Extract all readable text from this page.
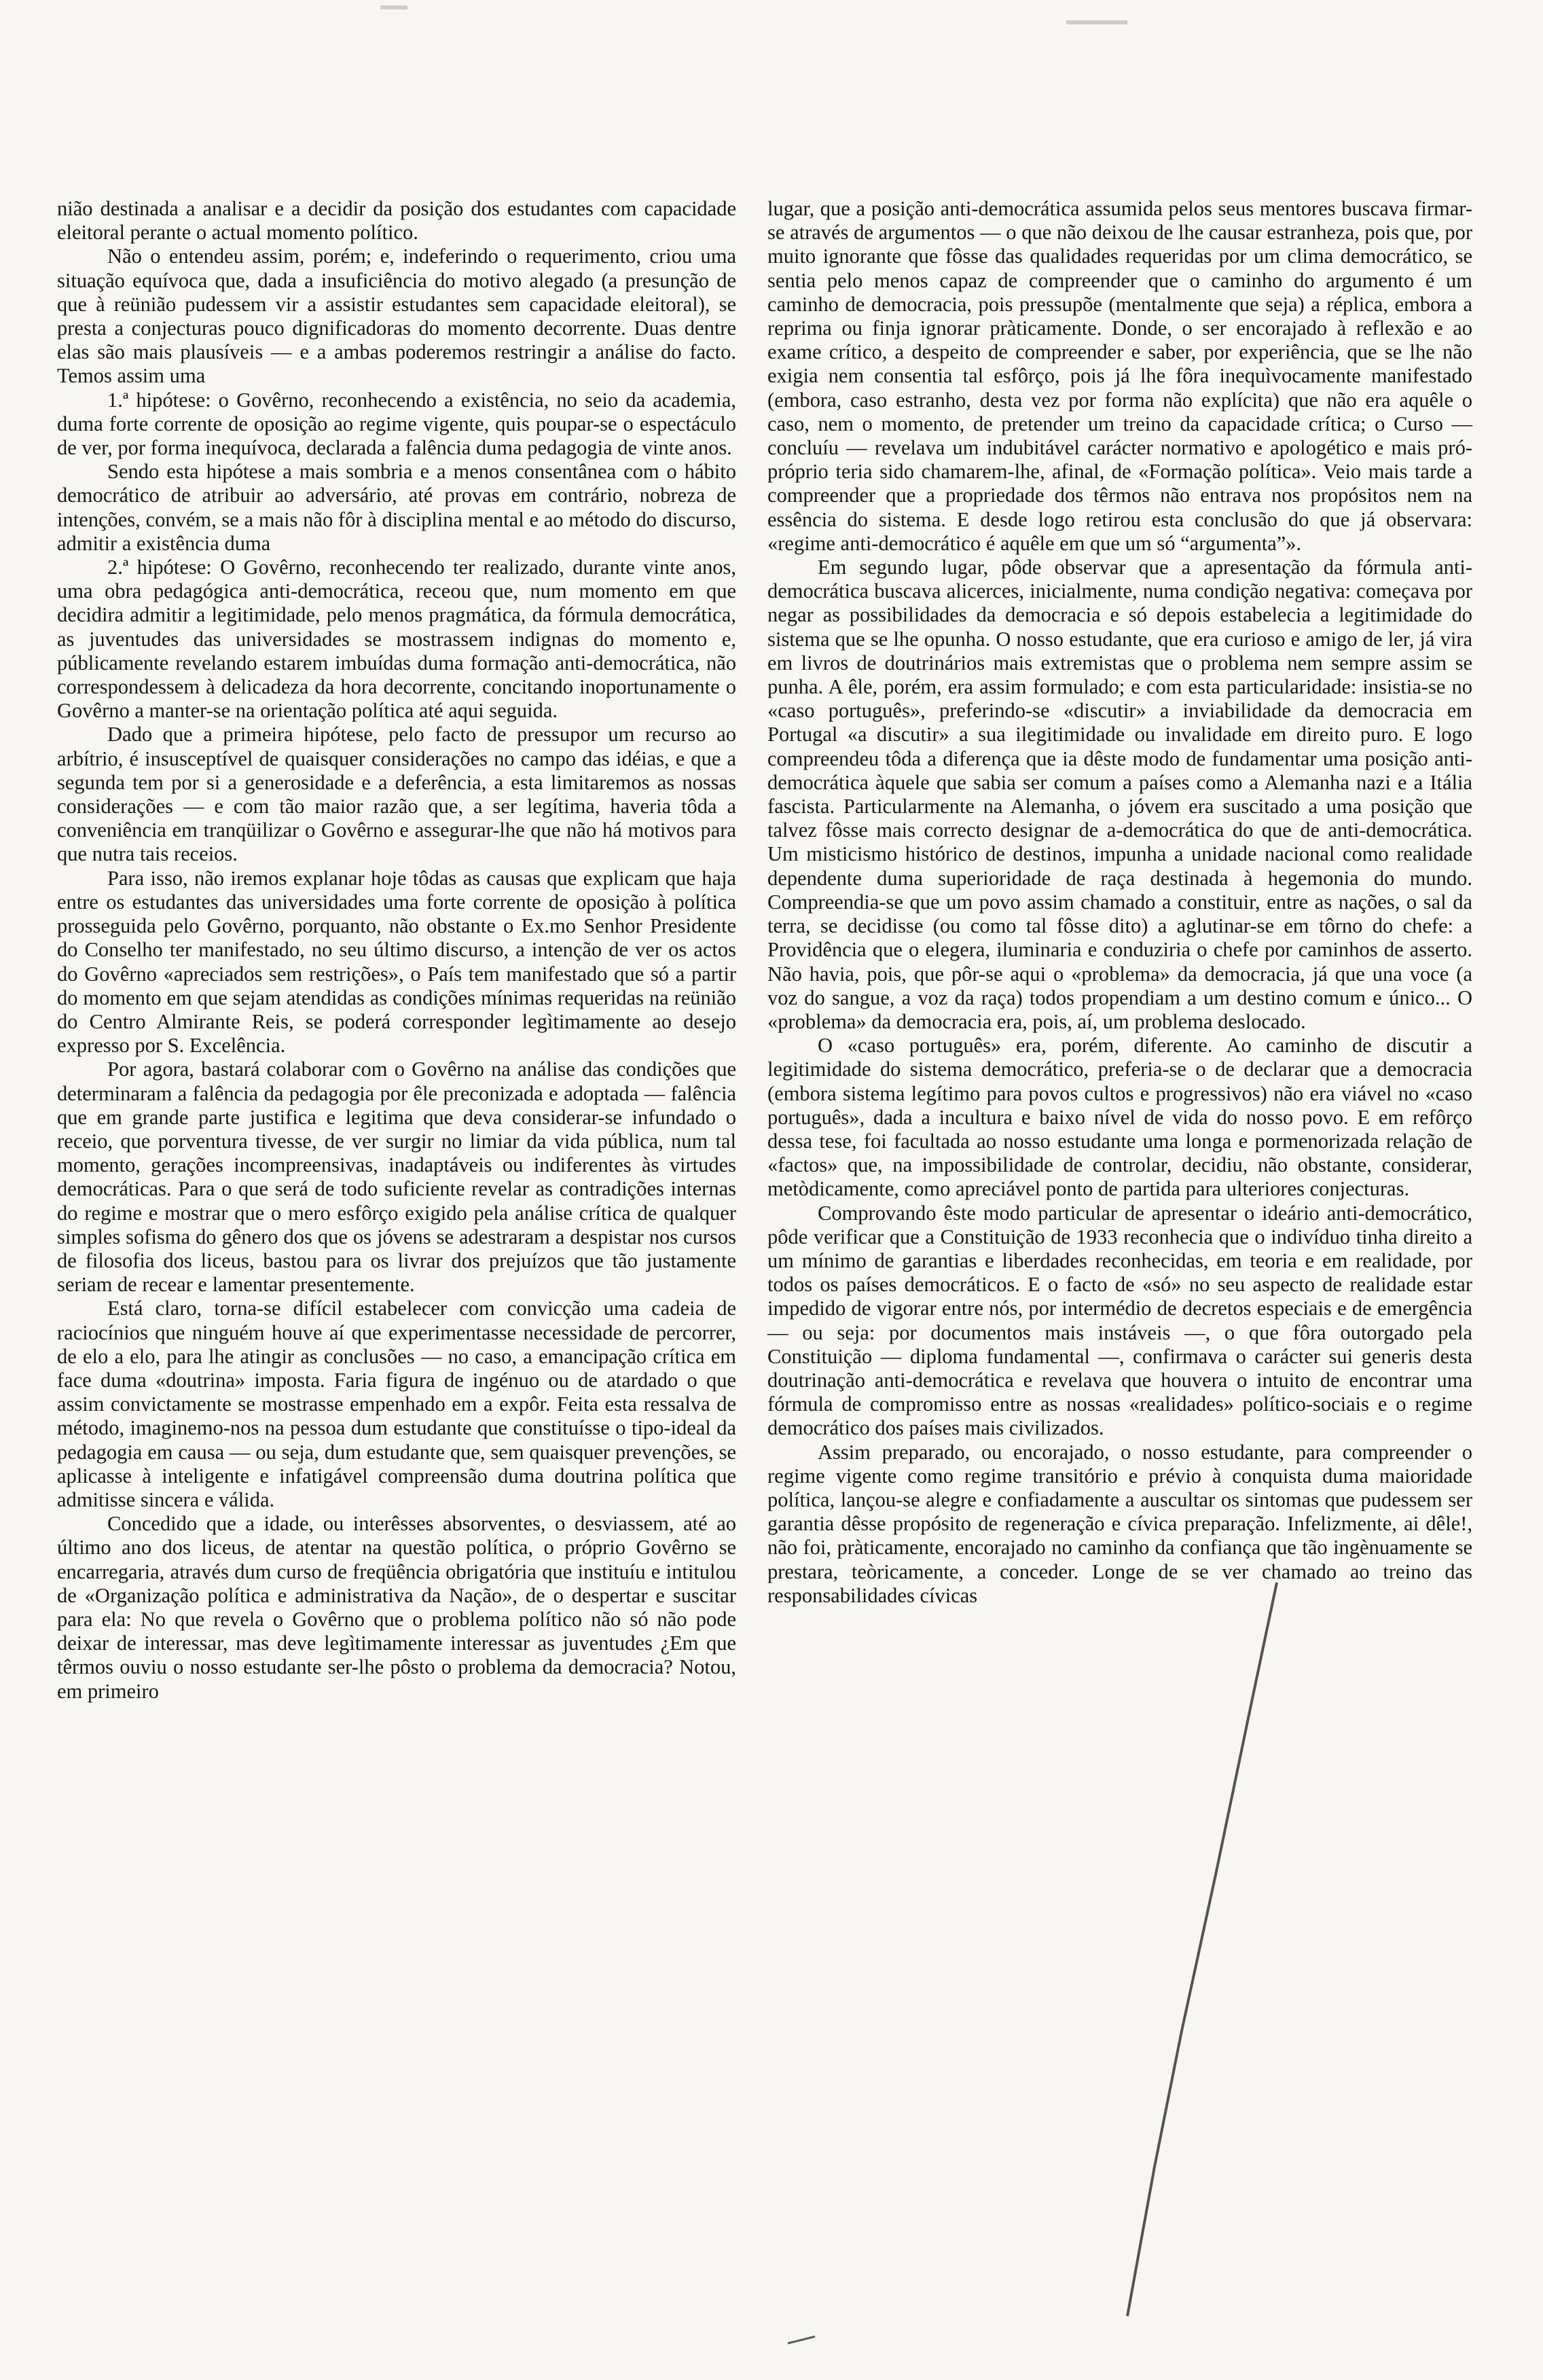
nião destinada a analisar e a decidir da posição dos estudantes com capacidade eleitoral perante o actual momento político.

Não o entendeu assim, porém; e, indeferindo o requerimento, criou uma situação equívoca que, dada a insuficiência do motivo alegado (a presunção de que à reünião pudessem vir a assistir estudantes sem capacidade eleitoral), se presta a conjecturas pouco dignificadoras do momento decorrente. Duas dentre elas são mais plausíveis — e a ambas poderemos restringir a análise do facto. Temos assim uma

1.ª hipótese: o Govêrno, reconhecendo a existência, no seio da academia, duma forte corrente de oposição ao regime vigente, quis poupar-se o espectáculo de ver, por forma inequívoca, declarada a falência duma pedagogia de vinte anos.

Sendo esta hipótese a mais sombria e a menos consentânea com o hábito democrático de atribuir ao adversário, até provas em contrário, nobreza de intenções, convém, se a mais não fôr à disciplina mental e ao método do discurso, admitir a existência duma

2.ª hipótese: O Govêrno, reconhecendo ter realizado, durante vinte anos, uma obra pedagógica anti-democrática, receou que, num momento em que decidira admitir a legitimidade, pelo menos pragmática, da fórmula democrática, as juventudes das universidades se mostrassem indignas do momento e, públicamente revelando estarem imbuídas duma formação anti-democrática, não correspondessem à delicadeza da hora decorrente, concitando inoportunamente o Govêrno a manter-se na orientação política até aqui seguida.

Dado que a primeira hipótese, pelo facto de pressupor um recurso ao arbítrio, é insusceptível de quaisquer considerações no campo das idéias, e que a segunda tem por si a generosidade e a deferência, a esta limitaremos as nossas considerações — e com tão maior razão que, a ser legítima, haveria tôda a conveniência em tranqüilizar o Govêrno e assegurar-lhe que não há motivos para que nutra tais receios.

Para isso, não iremos explanar hoje tôdas as causas que explicam que haja entre os estudantes das universidades uma forte corrente de oposição à política prosseguida pelo Govêrno, porquanto, não obstante o Ex.mo Senhor Presidente do Conselho ter manifestado, no seu último discurso, a intenção de ver os actos do Govêrno «apreciados sem restrições», o País tem manifestado que só a partir do momento em que sejam atendidas as condições mínimas requeridas na reünião do Centro Almirante Reis, se poderá corresponder legìtimamente ao desejo expresso por S. Excelência.

Por agora, bastará colaborar com o Govêrno na análise das condições que determinaram a falência da pedagogia por êle preconizada e adoptada — falência que em grande parte justifica e legitima que deva considerar-se infundado o receio, que porventura tivesse, de ver surgir no limiar da vida pública, num tal momento, gerações incompreensivas, inadaptáveis ou indiferentes às virtudes democráticas. Para o que será de todo suficiente revelar as contradições internas do regime e mostrar que o mero esfôrço exigido pela análise crítica de qualquer simples sofisma do gênero dos que os jóvens se adestraram a despistar nos cursos de filosofia dos liceus, bastou para os livrar dos prejuízos que tão justamente seriam de recear e lamentar presentemente.

Está claro, torna-se difícil estabelecer com convicção uma cadeia de raciocínios que ninguém houve aí que experimentasse necessidade de percorrer, de elo a elo, para lhe atingir as conclusões — no caso, a emancipação crítica em face duma «doutrina» imposta. Faria figura de ingénuo ou de atardado o que assim convictamente se mostrasse empenhado em a expôr. Feita esta ressalva de método, imaginemo-nos na pessoa dum estudante que constituísse o tipo-ideal da pedagogia em causa — ou seja, dum estudante que, sem quaisquer prevenções, se aplicasse à inteligente e infatigável compreensão duma doutrina política que admitisse sincera e válida.

Concedido que a idade, ou interêsses absorventes, o desviassem, até ao último ano dos liceus, de atentar na questão política, o próprio Govêrno se encarregaria, através dum curso de freqüência obrigatória que instituíu e intitulou de «Organização política e administrativa da Nação», de o despertar e suscitar para ela: No que revela o Govêrno que o problema político não só não pode deixar de interessar, mas deve legìtimamente interessar as juventudes ¿Em que têrmos ouviu o nosso estudante ser-lhe pôsto o problema da democracia? Notou, em primeiro

lugar, que a posição anti-democrática assumida pelos seus mentores buscava firmar-se através de argumentos — o que não deixou de lhe causar estranheza, pois que, por muito ignorante que fôsse das qualidades requeridas por um clima democrático, se sentia pelo menos capaz de compreender que o caminho do argumento é um caminho de democracia, pois pressupõe (mentalmente que seja) a réplica, embora a reprima ou finja ignorar pràticamente. Donde, o ser encorajado à reflexão e ao exame crítico, a despeito de compreender e saber, por experiência, que se lhe não exigia nem consentia tal esfôrço, pois já lhe fôra inequìvocamente manifestado (embora, caso estranho, desta vez por forma não explícita) que não era aquêle o caso, nem o momento, de pretender um treino da capacidade crítica; o Curso — concluíu — revelava um indubitável carácter normativo e apologético e mais pró-próprio teria sido chamarem-lhe, afinal, de «Formação política». Veio mais tarde a compreender que a propriedade dos têrmos não entrava nos propósitos nem na essência do sistema. E desde logo retirou esta conclusão do que já observara: «regime anti-democrático é aquêle em que um só “argumenta”».

Em segundo lugar, pôde observar que a apresentação da fórmula anti-democrática buscava alicerces, inicialmente, numa condição negativa: começava por negar as possibilidades da democracia e só depois estabelecia a legitimidade do sistema que se lhe opunha. O nosso estudante, que era curioso e amigo de ler, já vira em livros de doutrinários mais extremistas que o problema nem sempre assim se punha. A êle, porém, era assim formulado; e com esta particularidade: insistia-se no «caso português», preferindo-se «discutir» a inviabilidade da democracia em Portugal «a discutir» a sua ilegitimidade ou invalidade em direito puro. E logo compreendeu tôda a diferença que ia dêste modo de fundamentar uma posição anti-democrática àquele que sabia ser comum a países como a Alemanha nazi e a Itália fascista. Particularmente na Alemanha, o jóvem era suscitado a uma posição que talvez fôsse mais correcto designar de a-democrática do que de anti-democrática. Um misticismo histórico de destinos, impunha a unidade nacional como realidade dependente duma superioridade de raça destinada à hegemonia do mundo. Compreendia-se que um povo assim chamado a constituir, entre as nações, o sal da terra, se decidisse (ou como tal fôsse dito) a aglutinar-se em tôrno do chefe: a Providência que o elegera, iluminaria e conduziria o chefe por caminhos de asserto. Não havia, pois, que pôr-se aqui o «problema» da democracia, já que una voce (a voz do sangue, a voz da raça) todos propendiam a um destino comum e único... O «problema» da democracia era, pois, aí, um problema deslocado.

O «caso português» era, porém, diferente. Ao caminho de discutir a legitimidade do sistema democrático, preferia-se o de declarar que a democracia (embora sistema legítimo para povos cultos e progressivos) não era viável no «caso português», dada a incultura e baixo nível de vida do nosso povo. E em refôrço dessa tese, foi facultada ao nosso estudante uma longa e pormenorizada relação de «factos» que, na impossibilidade de controlar, decidiu, não obstante, considerar, metòdicamente, como apreciável ponto de partida para ulteriores conjecturas.

Comprovando êste modo particular de apresentar o ideário anti-democrático, pôde verificar que a Constituição de 1933 reconhecia que o indivíduo tinha direito a um mínimo de garantias e liberdades reconhecidas, em teoria e em realidade, por todos os países democráticos. E o facto de «só» no seu aspecto de realidade estar impedido de vigorar entre nós, por intermédio de decretos especiais e de emergência — ou seja: por documentos mais instáveis —, o que fôra outorgado pela Constituição — diploma fundamental —, confirmava o carácter sui generis desta doutrinação anti-democrática e revelava que houvera o intuito de encontrar uma fórmula de compromisso entre as nossas «realidades» político-sociais e o regime democrático dos países mais civilizados.

Assim preparado, ou encorajado, o nosso estudante, para compreender o regime vigente como regime transitório e prévio à conquista duma maioridade política, lançou-se alegre e confiadamente a auscultar os sintomas que pudessem ser garantia dêsse propósito de regeneração e cívica preparação. Infelizmente, ai dêle!, não foi, pràticamente, encorajado no caminho da confiança que tão ingènuamente se prestara, teòricamente, a conceder. Longe de se ver chamado ao treino das responsabilidades cívicas
